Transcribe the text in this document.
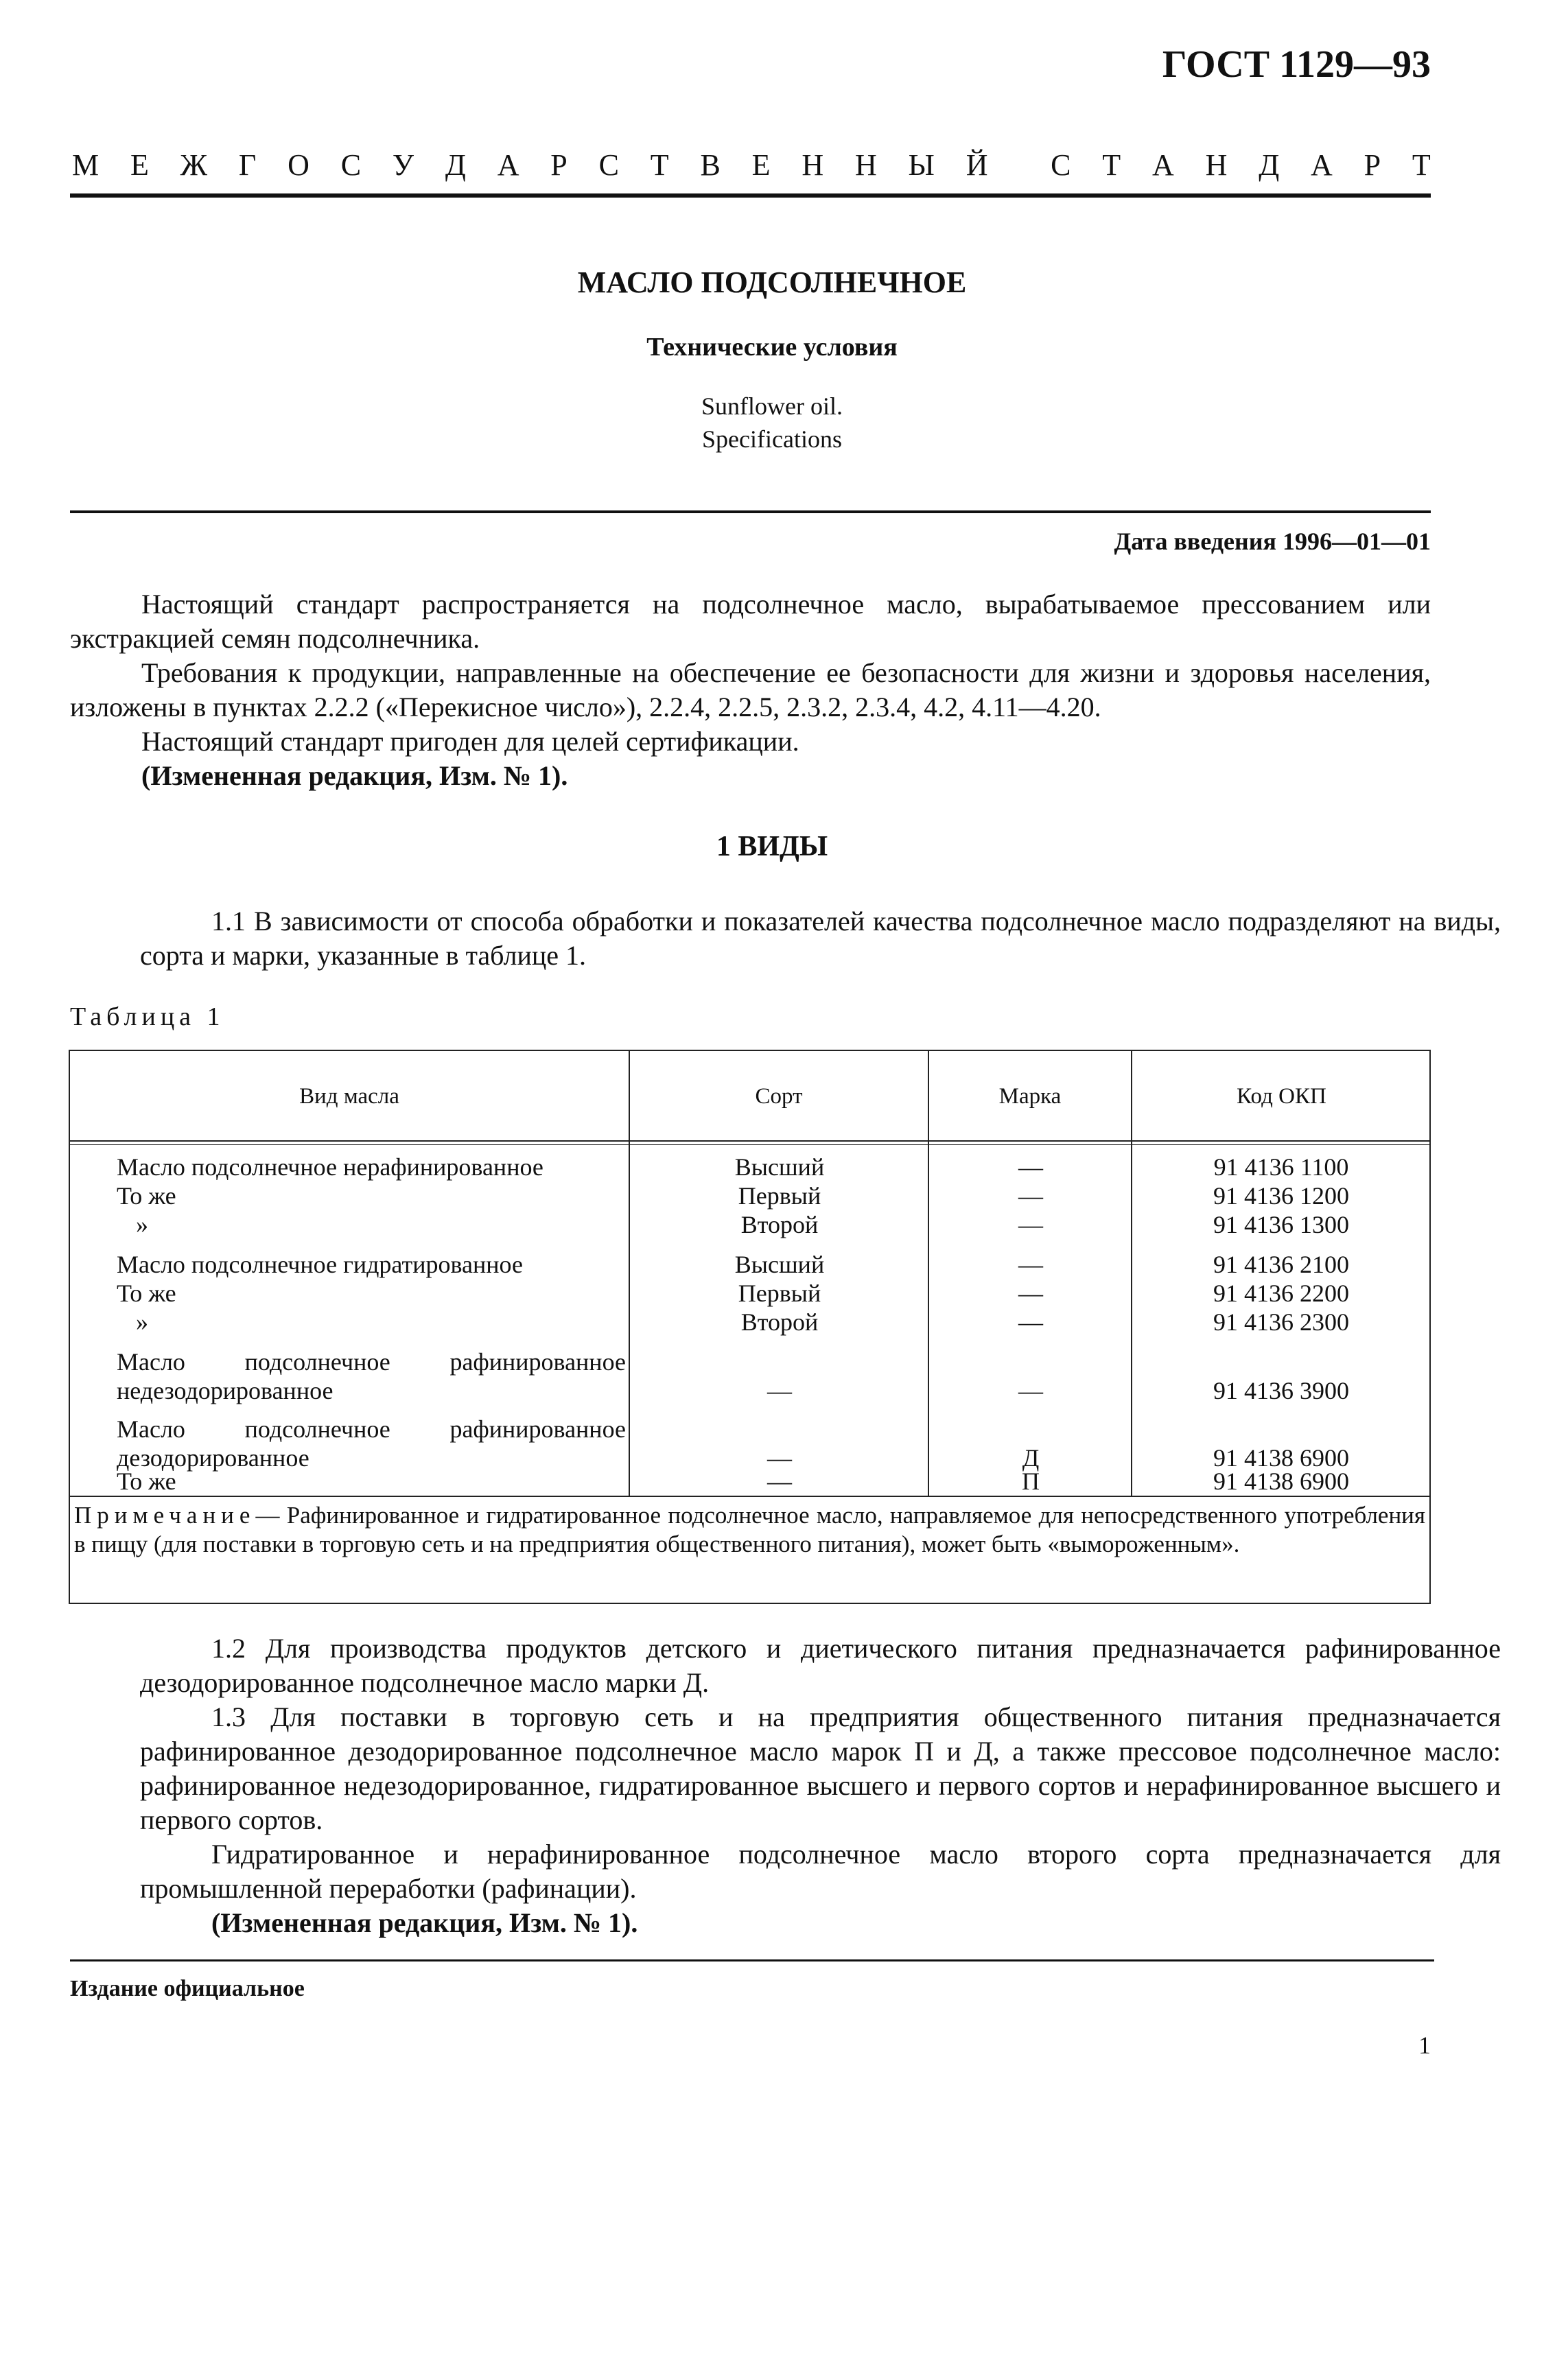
ГОСТ 1129—93
М Е Ж Г О С У Д А Р С Т В Е Н Н Ы Й С Т А Н Д А Р Т
МАСЛО ПОДСОЛНЕЧНОЕ
Технические условия
Sunflower oil.
Specifications
Дата введения 1996—01—01

Настоящий стандарт распространяется на подсолнечное масло, вырабатываемое прессованием или экстракцией семян подсолнечника.

Требования к продукции, направленные на обеспечение ее безопасности для жизни и здоровья населения, изложены в пунктах 2.2.2 («Перекисное число»), 2.2.4, 2.2.5, 2.3.2, 2.3.4, 4.2, 4.11—4.20.

Настоящий стандарт пригоден для целей сертификации.

(Измененная редакция, Изм. № 1).

1 ВИДЫ

1.1 В зависимости от способа обработки и показателей качества подсолнечное масло подразделяют на виды, сорта и марки, указанные в таблице 1.

Таблица 1
Вид масла	Сорт	Марка	Код ОКП
Масло подсолнечное нерафинированное	Высший	—	91 4136 1100
То же	Первый	—	91 4136 1200
»	Второй	—	91 4136 1300
Масло подсолнечное гидратированное	Высший	—	91 4136 2100
То же	Первый	—	91 4136 2200
»	Второй	—	91 4136 2300
Масло подсолнечное рафинированное недезодорированное	—	—	91 4136 3900
Масло подсолнечное рафинированное дезодорированное	—	Д	91 4138 6900
То же	—	П	91 4138 6900
Примечание— Рафинированное и гидратированное подсолнечное масло, направляемое для непосредственного употребления в пищу (для поставки в торговую сеть и на предприятия общественного питания), может быть «вымороженным».

1.2 Для производства продуктов детского и диетического питания предназначается рафинированное дезодорированное подсолнечное масло марки Д.

1.3 Для поставки в торговую сеть и на предприятия общественного питания предназначается рафинированное дезодорированное подсолнечное масло марок П и Д, а также прессовое подсолнечное масло: рафинированное недезодорированное, гидратированное высшего и первого сортов и нерафинированное высшего и первого сортов.

Гидратированное и нерафинированное подсолнечное масло второго сорта предназначается для промышленной переработки (рафинации).

(Измененная редакция, Изм. № 1).

Издание официальное
1
